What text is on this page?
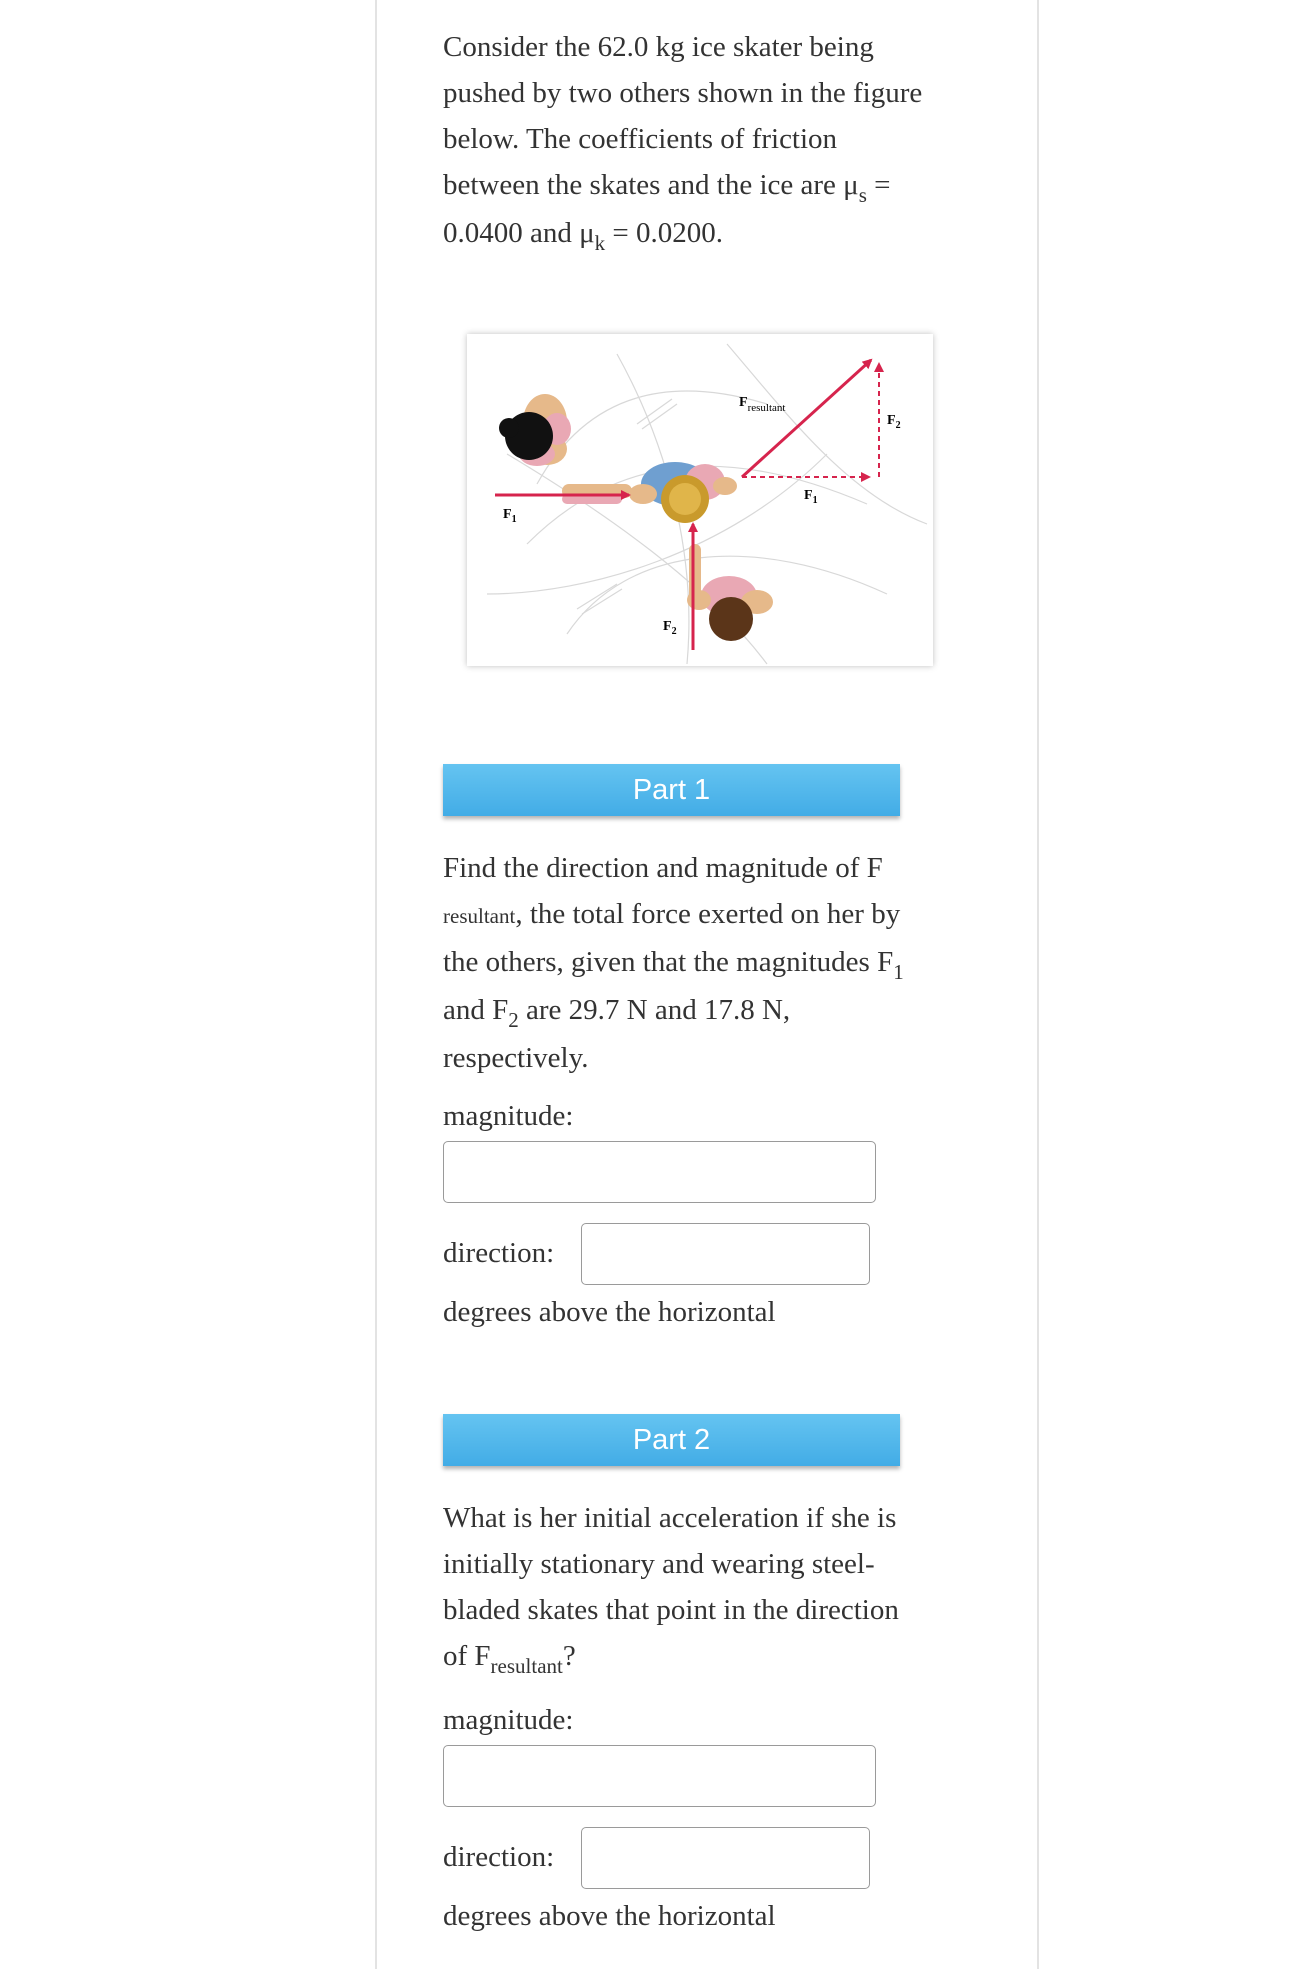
Consider the 62.0 kg ice skater being

pushed by two others shown in the figure

below. The coefficients of friction

between the skates and the ice are $\mu_s$ =

0.0400 and $\mu_k = 0.0200$.

$F_{resultant}$
$F_2$
$F_1$
$F_1$
$F_2$
Part 1

Find the direction and magnitude of F

resultant, the total force exerted on her by

the others, given that the magnitudes $F_1$

and $F_2$ are 29.7 N and 17.8 N,

respectively.

magnitude:
direction:
degrees above the horizontal
Part 2

What is her initial acceleration if she is

initially stationary and wearing steel-

bladed skates that point in the direction

of $F_{resultant}$?

magnitude:
direction:
degrees above the horizontal
